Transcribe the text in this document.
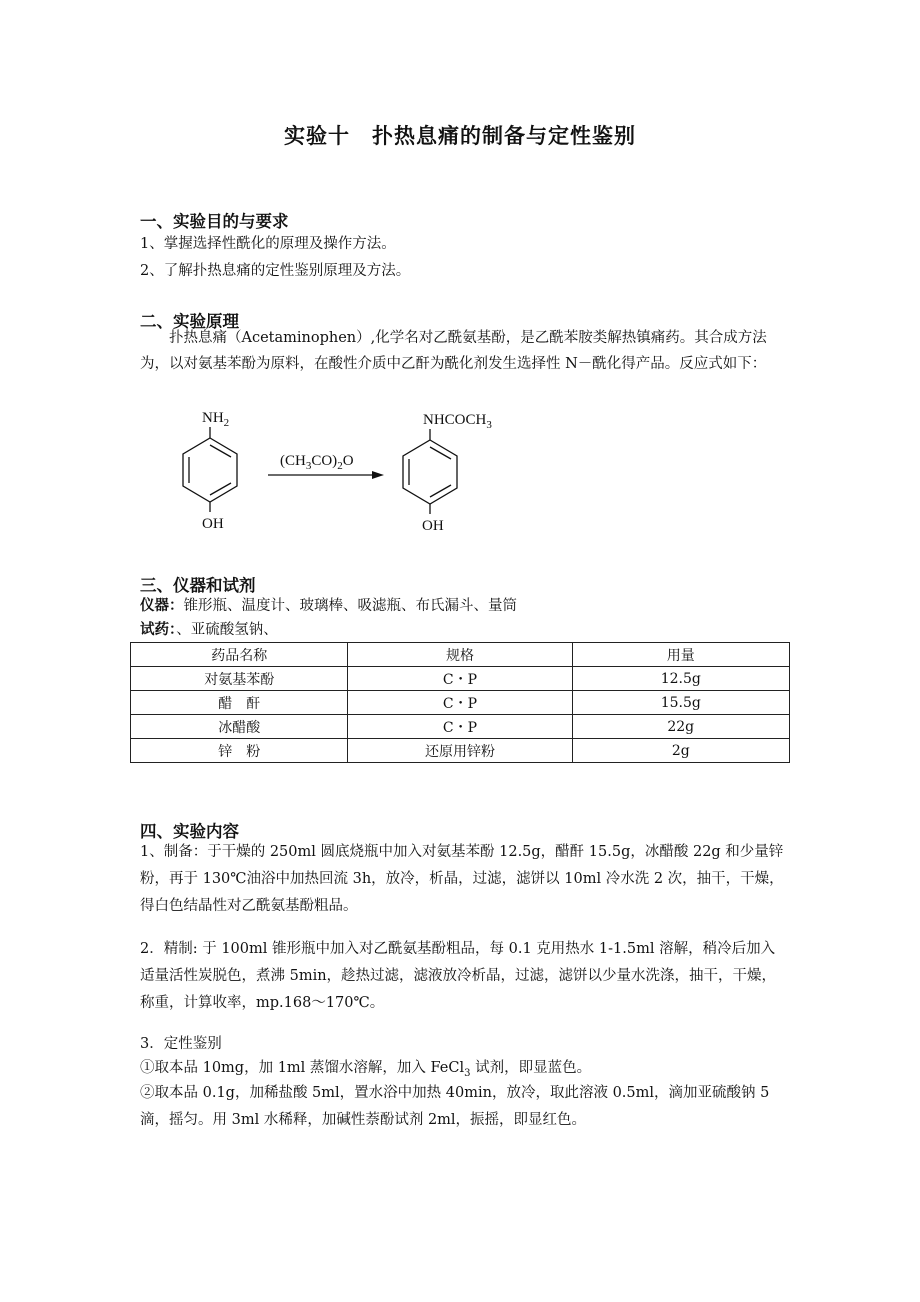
实验十 扑热息痛的制备与定性鉴别
一、实验目的与要求
1、掌握选择性酰化的原理及操作方法。
2、了解扑热息痛的定性鉴别原理及方法。
二、实验原理
扑热息痛（Acetaminophen）,化学名对乙酰氨基酚，是乙酰苯胺类解热镇痛药。其合成方法为，以对氨基苯酚为原料，在酸性介质中乙酐为酰化剂发生选择性 N－酰化得产品。反应式如下：
$NH_2$
OH
$(CH_3CO)_2O$
$NHCOCH_3$
OH
三、仪器和试剂
仪器：锥形瓶、温度计、玻璃棒、吸滤瓶、布氏漏斗、量筒
试药：、亚硫酸氢钠、
药品名称	规格	用量
对氨基苯酚	C・P	12.5g
醋　酐	C・P	15.5g
冰醋酸	C・P	22g
锌　粉	还原用锌粉	2g
四、实验内容
1、制备：于干燥的 250ml 圆底烧瓶中加入对氨基苯酚 12.5g，醋酐 15.5g，冰醋酸 22g 和少量锌粉，再于 130℃油浴中加热回流 3h，放冷，析晶，过滤，滤饼以 10ml 冷水洗 2 次，抽干，干燥，得白色结晶性对乙酰氨基酚粗品。
2．精制: 于 100ml 锥形瓶中加入对乙酰氨基酚粗品，每 0.1 克用热水 1-1.5ml 溶解，稍冷后加入适量活性炭脱色，煮沸 5min，趁热过滤，滤液放冷析晶，过滤，滤饼以少量水洗涤，抽干，干燥，称重，计算收率，mp.168～170℃。
3．定性鉴别
①取本品 10mg，加 1ml 蒸馏水溶解，加入 FeCl$_3$ 试剂，即显蓝色。
②取本品 0.1g，加稀盐酸 5ml，置水浴中加热 40min，放冷，取此溶液 0.5ml，滴加亚硫酸钠 5 滴，摇匀。用 3ml 水稀释，加碱性萘酚试剂 2ml，振摇，即显红色。
